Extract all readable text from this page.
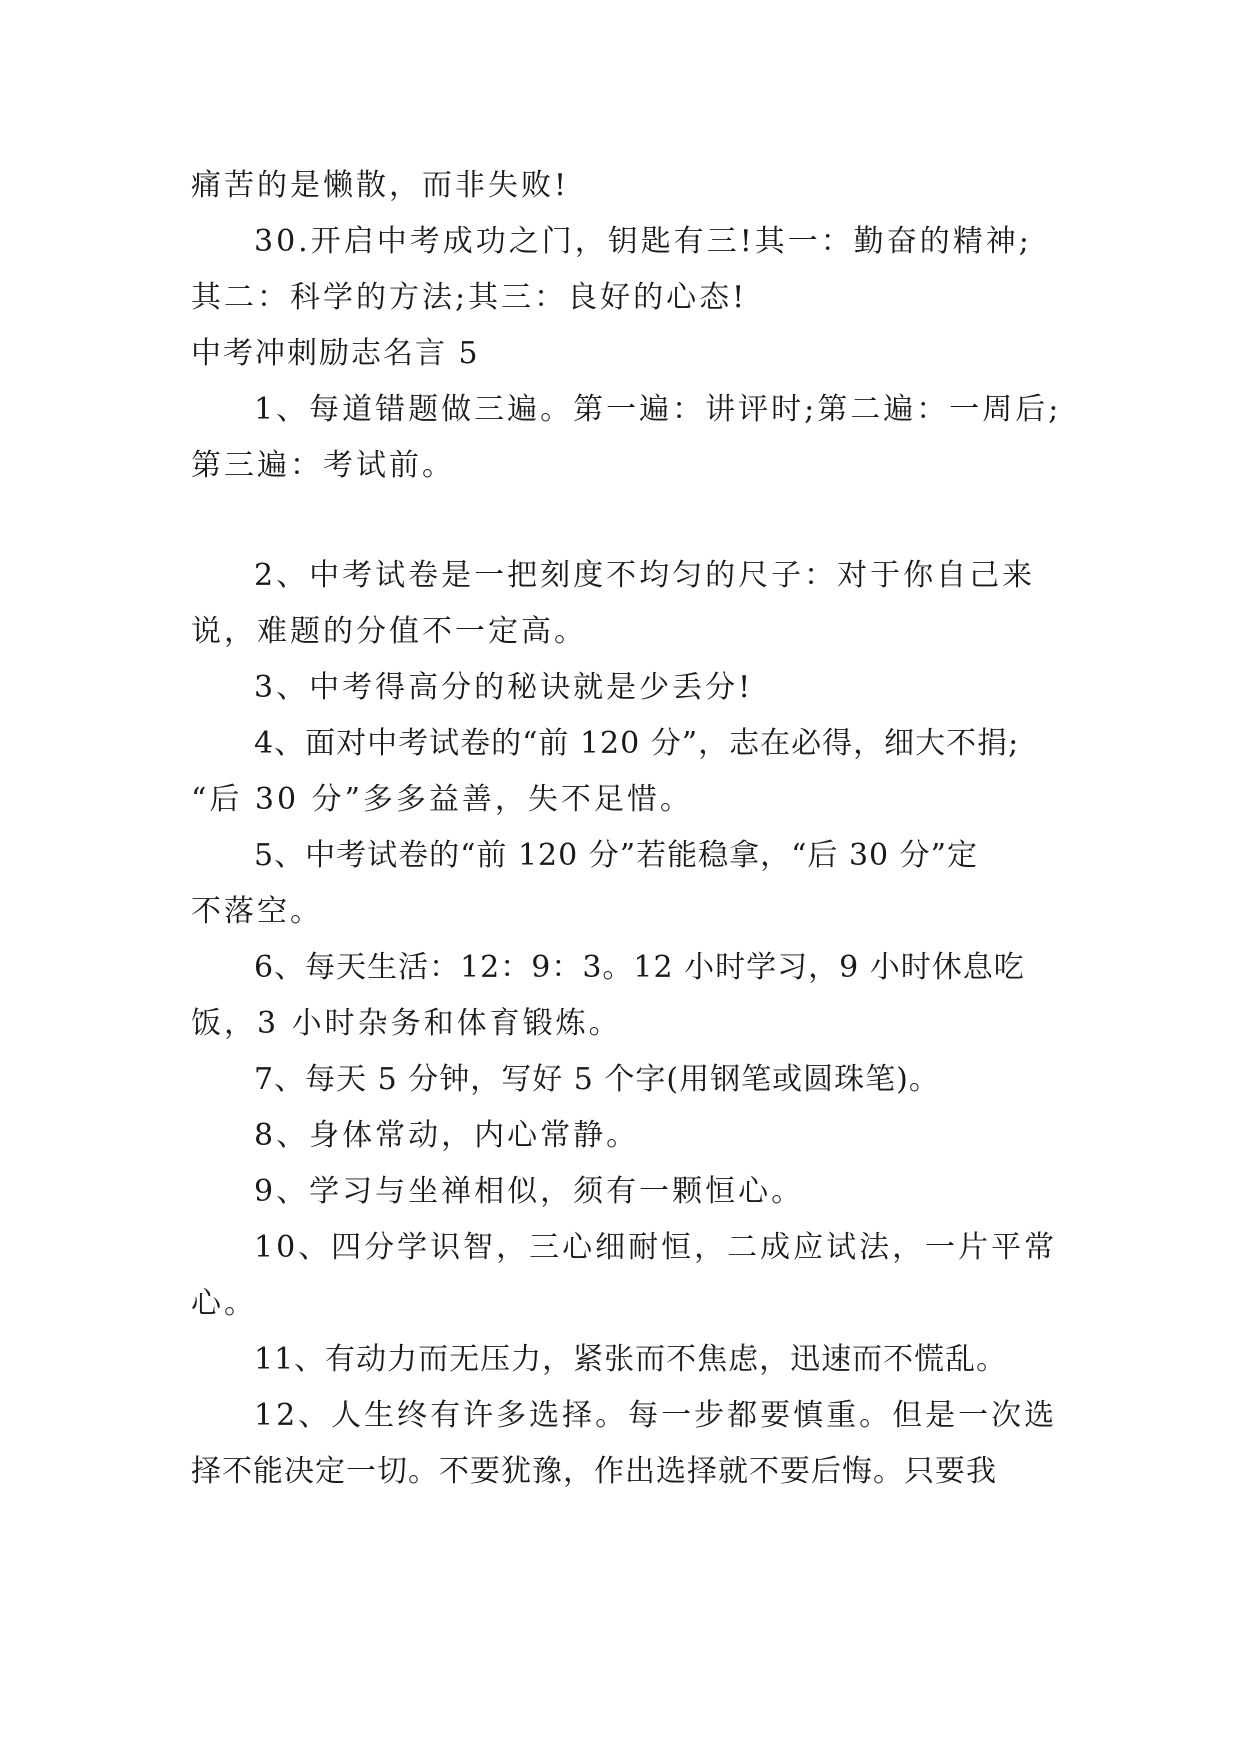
痛苦的是懒散，而非失败!
30.开启中考成功之门，钥匙有三!其一：勤奋的精神;
其二：科学的方法;其三：良好的心态!
中考冲刺励志名言 5
1、每道错题做三遍。第一遍：讲评时;第二遍：一周后;
第三遍：考试前。
2、中考试卷是一把刻度不均匀的尺子：对于你自己来
说，难题的分值不一定高。
3、中考得高分的秘诀就是少丢分!
4、面对中考试卷的“前 120 分”，志在必得，细大不捐;
“后 30 分”多多益善，失不足惜。
5、中考试卷的“前 120 分”若能稳拿，“后 30 分”定
不落空。
6、每天生活：12：9：3。12 小时学习，9 小时休息吃
饭，3 小时杂务和体育锻炼。
7、每天 5 分钟，写好 5 个字(用钢笔或圆珠笔)。
8、身体常动，内心常静。
9、学习与坐禅相似，须有一颗恒心。
10、四分学识智，三心细耐恒，二成应试法，一片平常
心。
11、有动力而无压力，紧张而不焦虑，迅速而不慌乱。
12、人生终有许多选择。每一步都要慎重。但是一次选
择不能决定一切。不要犹豫，作出选择就不要后悔。只要我
